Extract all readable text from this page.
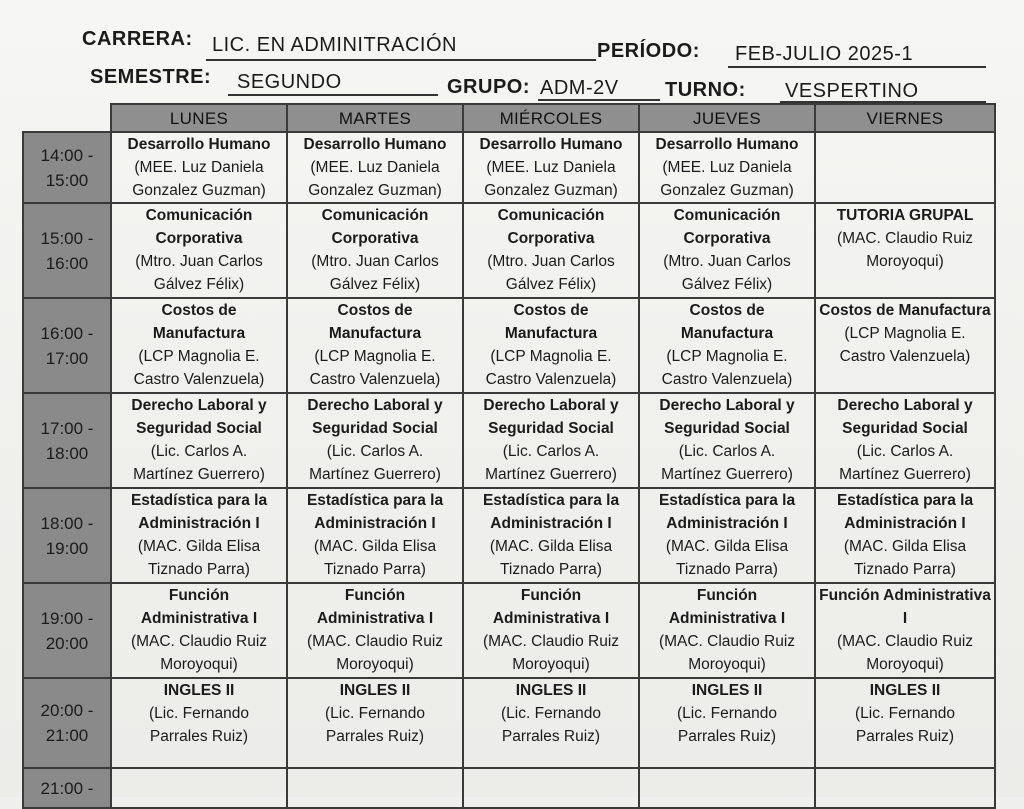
CARRERA: LIC. EN ADMINITRACIÓN	PERÍODO: FEB-JULIO 2025-1
SEMESTRE: SEGUNDO	GRUPO: ADM-2V TURNO: VESPERTINO
	LUNES	MARTES	MIÉRCOLES	JUEVES	VIERNES

14:00 -
15:00	Desarrollo Humano
(MEE. Luz Daniela
Gonzalez Guzman)	Desarrollo Humano
(MEE. Luz Daniela
Gonzalez Guzman)	Desarrollo Humano
(MEE. Luz Daniela
Gonzalez Guzman)	Desarrollo Humano
(MEE. Luz Daniela
Gonzalez Guzman)	

15:00 -
16:00	Comunicación Corporativa
(Mtro. Juan Carlos
Gálvez Félix)	Comunicación Corporativa
(Mtro. Juan Carlos
Gálvez Félix)	Comunicación Corporativa
(Mtro. Juan Carlos
Gálvez Félix)	Comunicación Corporativa
(Mtro. Juan Carlos
Gálvez Félix)	TUTORIA GRUPAL
(MAC. Claudio Ruiz
Moroyoqui)

16:00 -
17:00	Costos de Manufactura
(LCP Magnolia E.
Castro Valenzuela)	Costos de Manufactura
(LCP Magnolia E.
Castro Valenzuela)	Costos de Manufactura
(LCP Magnolia E.
Castro Valenzuela)	Costos de Manufactura
(LCP Magnolia E.
Castro Valenzuela)	Costos de Manufactura
(LCP Magnolia E.
Castro Valenzuela)

17:00 -
18:00	Derecho Laboral y Seguridad Social
(Lic. Carlos A.
Martínez Guerrero)	Derecho Laboral y Seguridad Social
(Lic. Carlos A.
Martínez Guerrero)	Derecho Laboral y Seguridad Social
(Lic. Carlos A.
Martínez Guerrero)	Derecho Laboral y Seguridad Social
(Lic. Carlos A.
Martínez Guerrero)	Derecho Laboral y Seguridad Social
(Lic. Carlos A.
Martínez Guerrero)

18:00 -
19:00	Estadística para la Administración I
(MAC. Gilda Elisa
Tiznado Parra)	Estadística para la Administración I
(MAC. Gilda Elisa
Tiznado Parra)	Estadística para la Administración I
(MAC. Gilda Elisa
Tiznado Parra)	Estadística para la Administración I
(MAC. Gilda Elisa
Tiznado Parra)	Estadística para la Administración I
(MAC. Gilda Elisa
Tiznado Parra)

19:00 -
20:00	Función Administrativa I
(MAC. Claudio Ruiz
Moroyoqui)	Función Administrativa I
(MAC. Claudio Ruiz
Moroyoqui)	Función Administrativa I
(MAC. Claudio Ruiz
Moroyoqui)	Función Administrativa I
(MAC. Claudio Ruiz
Moroyoqui)	Función Administrativa I
(MAC. Claudio Ruiz
Moroyoqui)

20:00 -
21:00	INGLES II
(Lic. Fernando
Parrales Ruiz)	INGLES II
(Lic. Fernando
Parrales Ruiz)	INGLES II
(Lic. Fernando
Parrales Ruiz)	INGLES II
(Lic. Fernando
Parrales Ruiz)	INGLES II
(Lic. Fernando
Parrales Ruiz)

21:00 -					
